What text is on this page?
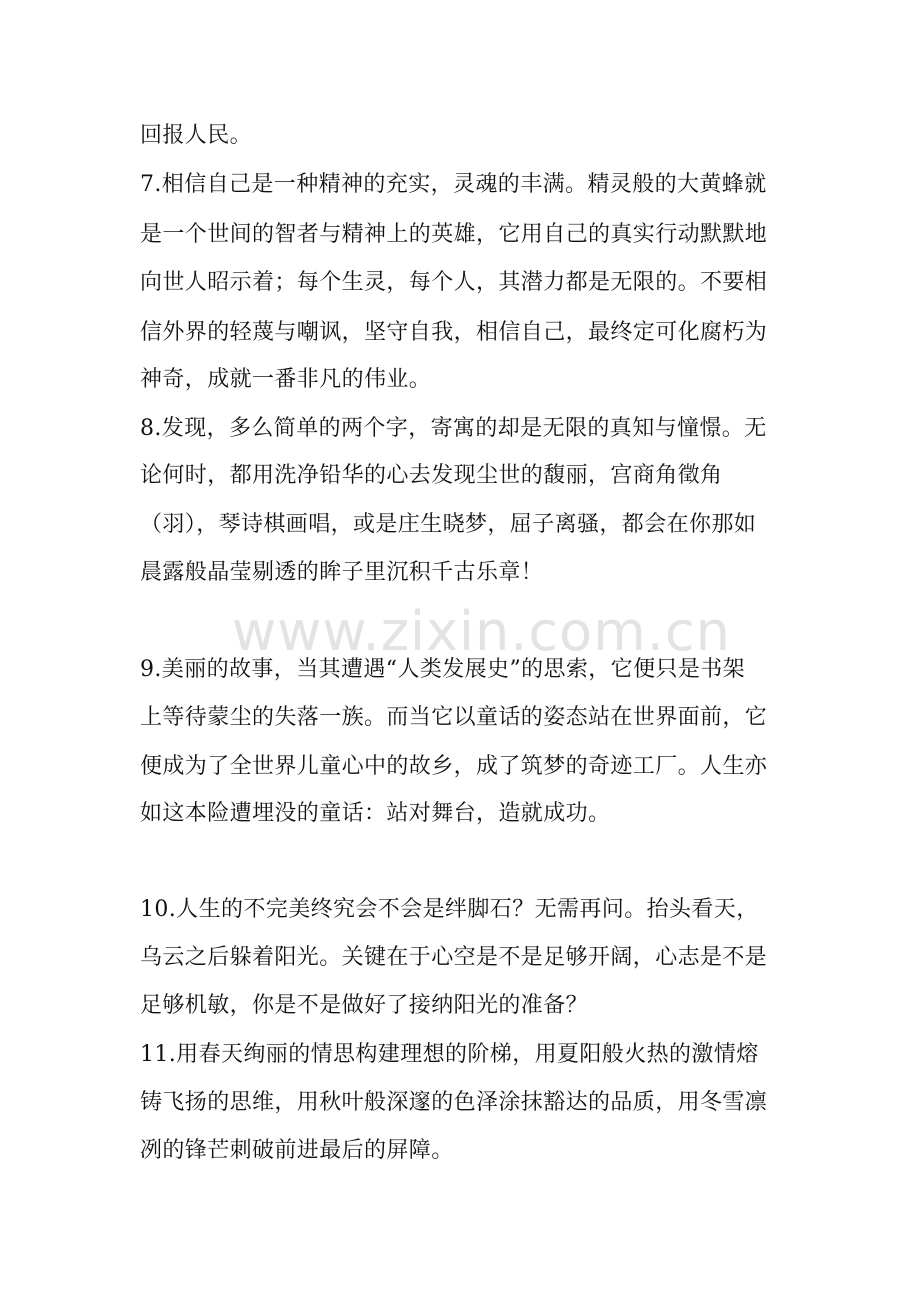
www.zixin.com.cn
回报人民。
7.相信自己是一种精神的充实，灵魂的丰满。精灵般的大黄蜂就
是一个世间的智者与精神上的英雄，它用自己的真实行动默默地
向世人昭示着；每个生灵，每个人，其潜力都是无限的。不要相
信外界的轻蔑与嘲讽，坚守自我，相信自己，最终定可化腐朽为
神奇，成就一番非凡的伟业。
8.发现，多么简单的两个字，寄寓的却是无限的真知与憧憬。无
论何时，都用洗净铅华的心去发现尘世的馥丽，宫商角徵角
（羽），琴诗棋画唱，或是庄生晓梦，屈子离骚，都会在你那如
晨露般晶莹剔透的眸子里沉积千古乐章！
9.美丽的故事，当其遭遇“人类发展史”的思索，它便只是书架
上等待蒙尘的失落一族。而当它以童话的姿态站在世界面前，它
便成为了全世界儿童心中的故乡，成了筑梦的奇迹工厂。人生亦
如这本险遭埋没的童话：站对舞台，造就成功。
10.人生的不完美终究会不会是绊脚石？无需再问。抬头看天，
乌云之后躲着阳光。关键在于心空是不是足够开阔，心志是不是
足够机敏，你是不是做好了接纳阳光的准备？
11.用春天绚丽的情思构建理想的阶梯，用夏阳般火热的激情熔
铸飞扬的思维，用秋叶般深邃的色泽涂抹豁达的品质，用冬雪凛
冽的锋芒刺破前进最后的屏障。
